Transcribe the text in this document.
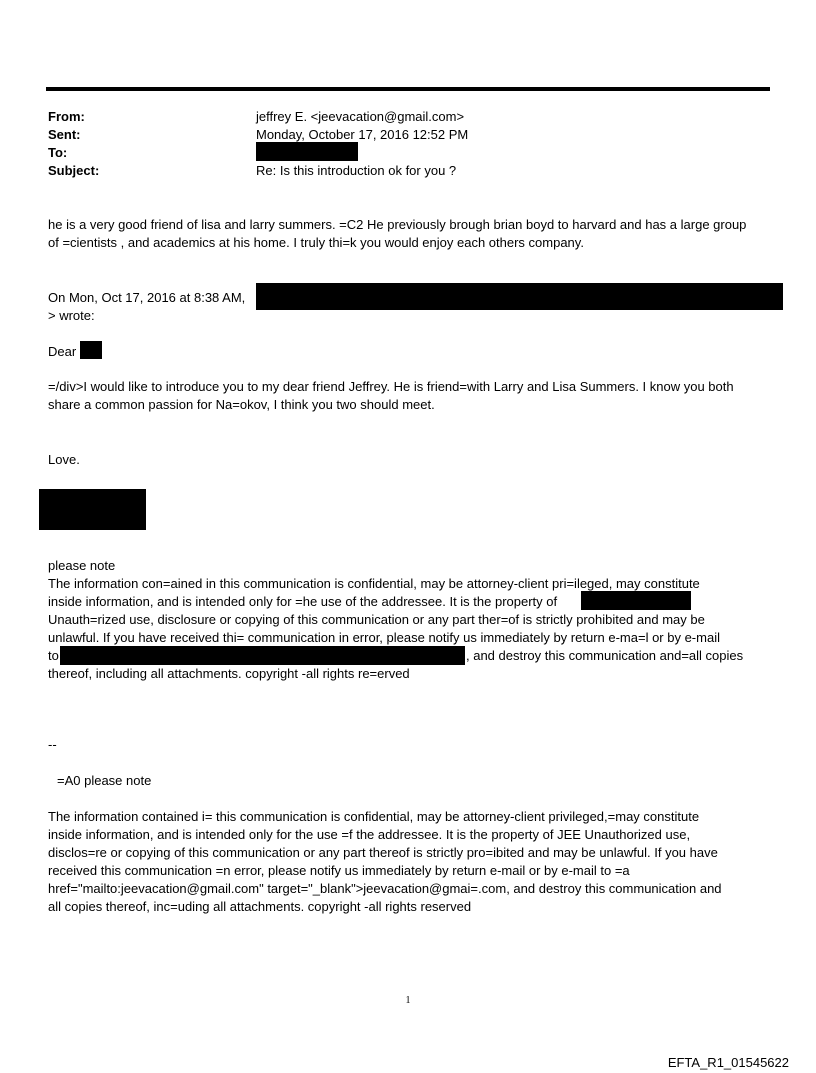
From:	jeffrey E. <jeevacation@gmail.com>
Sent:	Monday, October 17, 2016 12:52 PM
To:
Subject:	Re: Is this introduction ok for you ?
he is a very good friend of lisa and larry summers. =C2 He previously brough brian boyd to harvard and has a large group
of =cientists , and academics at his home. I truly thi=k you would enjoy each others company.
On Mon, Oct 17, 2016 at 8:38 AM,
> wrote:
Dear
=/div>I would like to introduce you to my dear friend Jeffrey. He is friend=with Larry and Lisa Summers. I know you both
share a common passion for Na=okov, I think you two should meet.
Love.
please note
The information con=ained in this communication is confidential, may be attorney-client pri=ileged, may constitute
inside information, and is intended only for =he use of the addressee. It is the property of
Unauth=rized use, disclosure or copying of this communication or any part ther=of is strictly prohibited and may be
unlawful. If you have received thi= communication in error, please notify us immediately by return e-ma=l or by e-mail
to	, and destroy this communication and=all copies
thereof, including all attachments. copyright -all rights re=erved
--
=A0 please note
The information contained i= this communication is confidential, may be attorney-client privileged,=may constitute
inside information, and is intended only for the use =f the addressee. It is the property of JEE Unauthorized use,
disclos=re or copying of this communication or any part thereof is strictly pro=ibited and may be unlawful. If you have
received this communication =n error, please notify us immediately by return e-mail or by e-mail to =a
href="mailto:jeevacation@gmail.com" target="_blank">jeevacation@gmai=.com, and destroy this communication and
all copies thereof, inc=uding all attachments. copyright -all rights reserved
1
EFTA_R1_01545622
